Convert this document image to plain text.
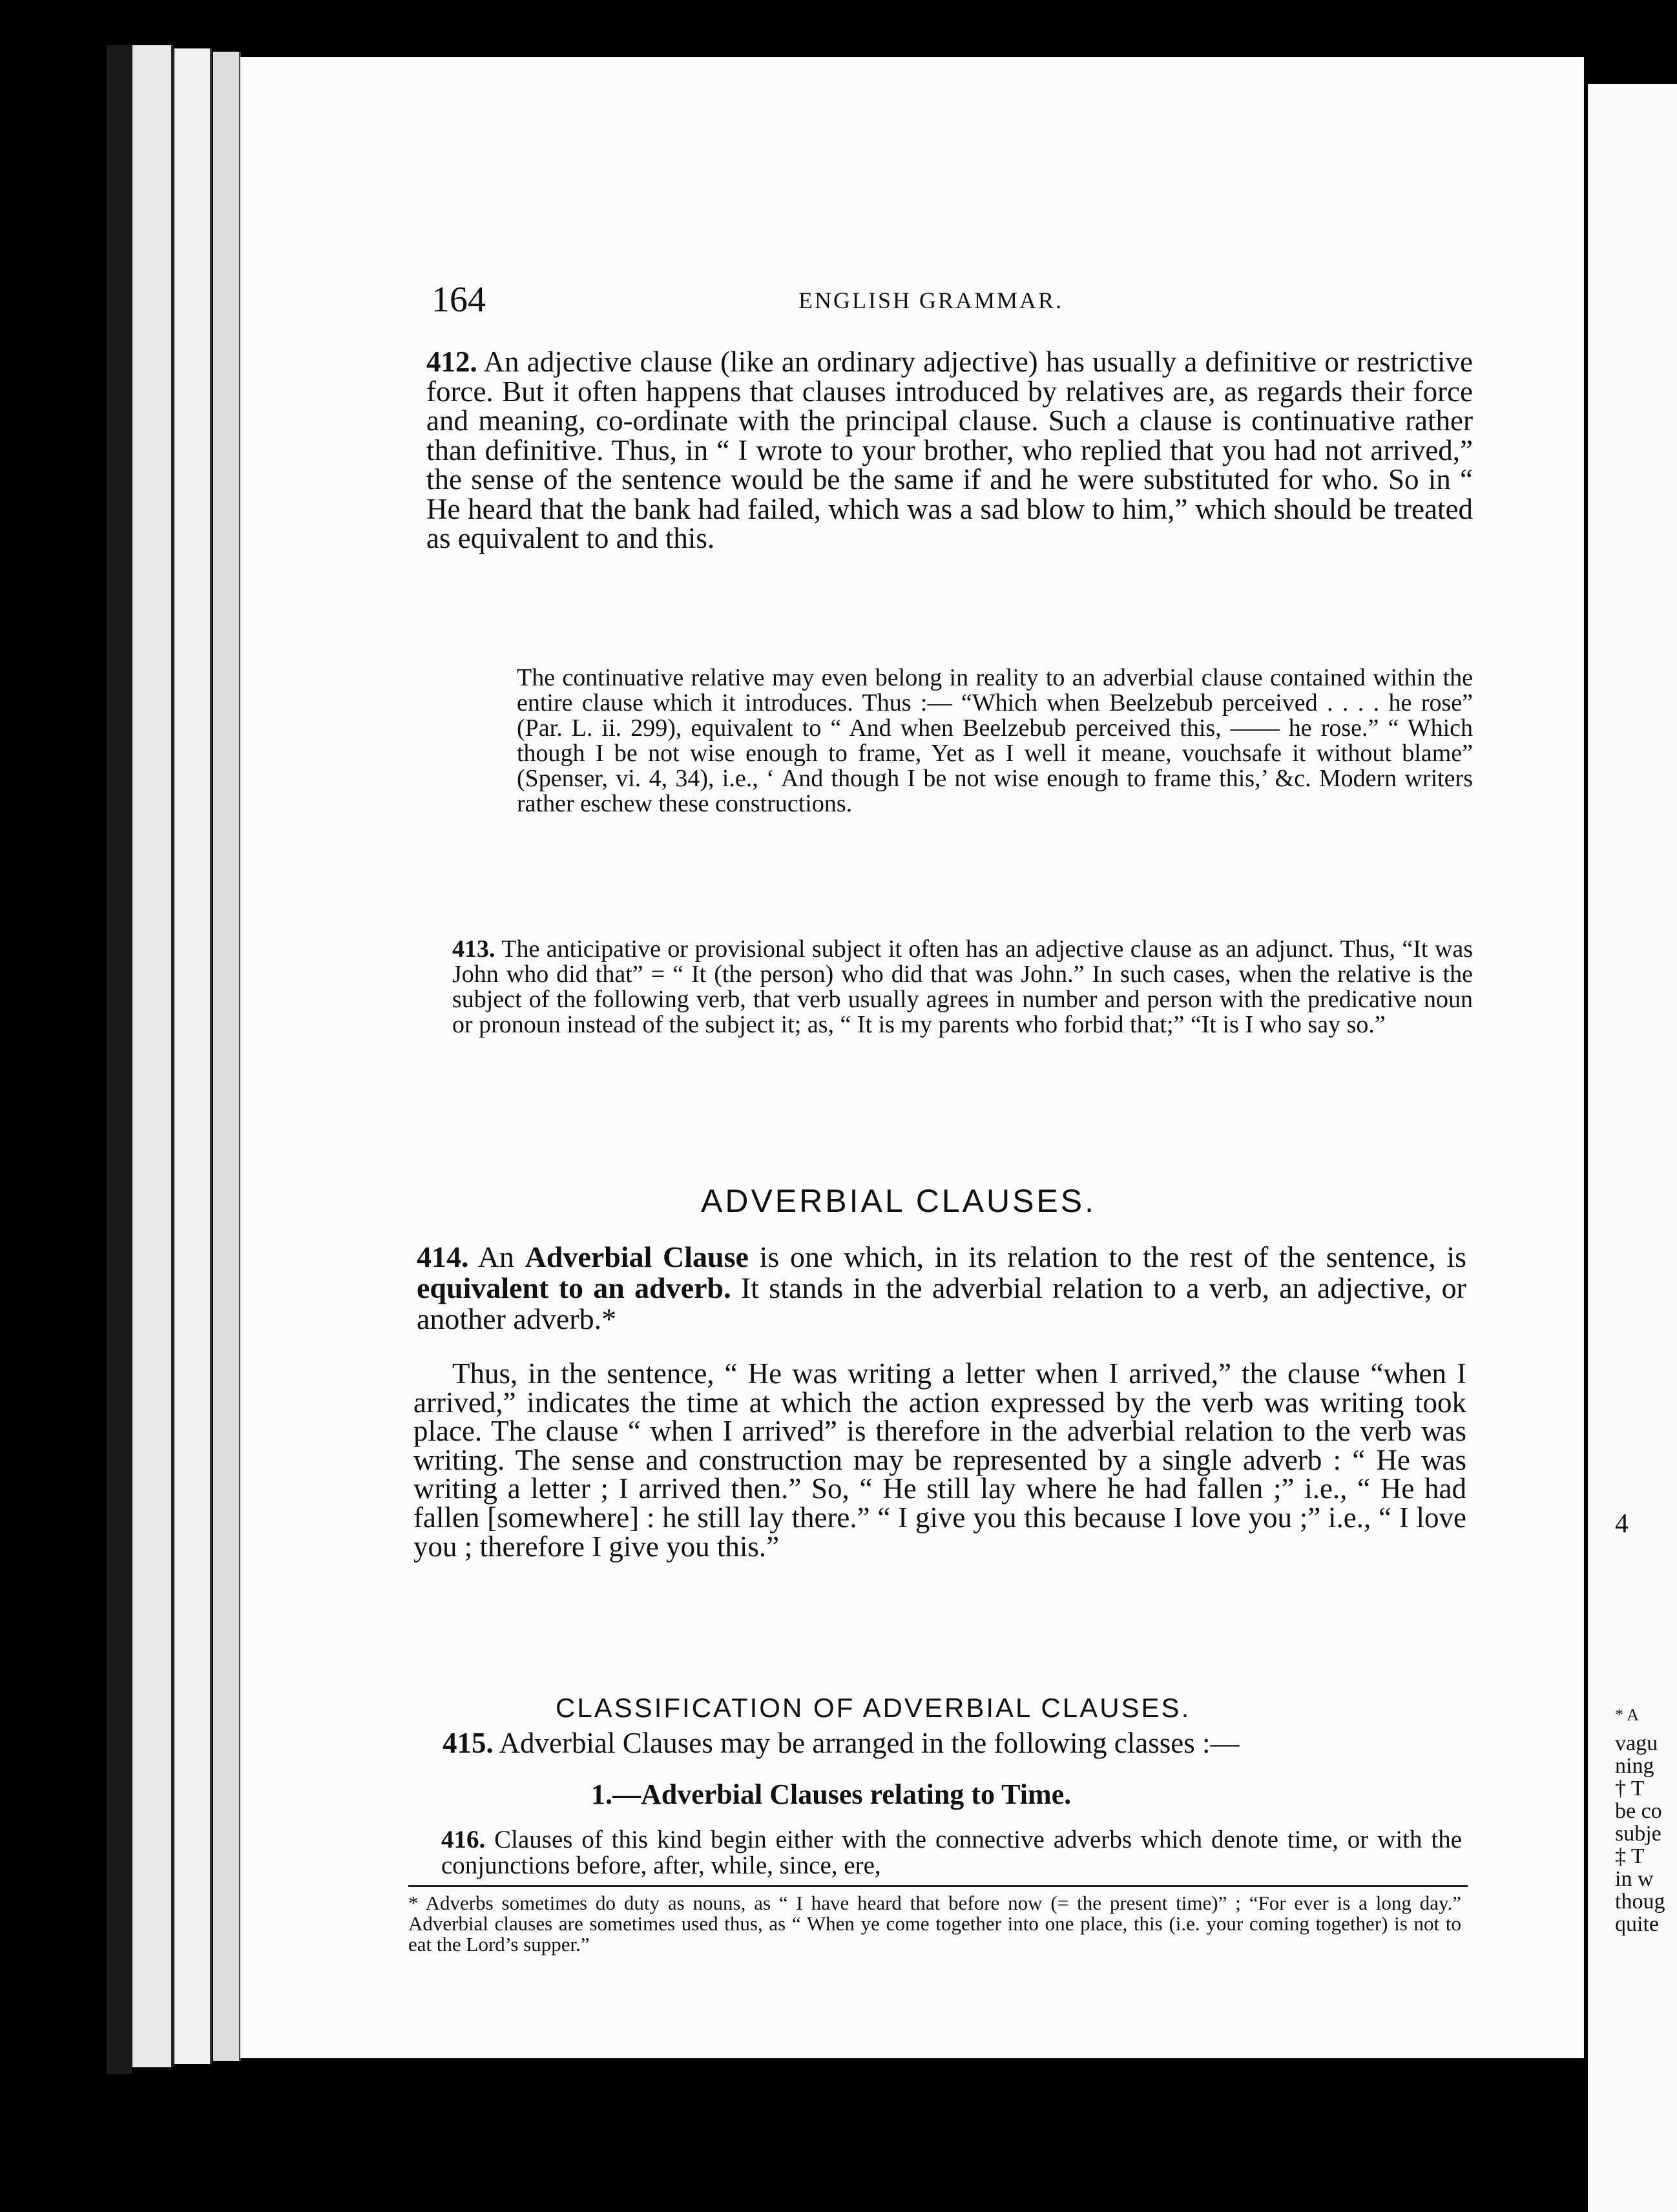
4
* A
vagu
ning
† T
be co
subje
‡ T
in w
thoug
quite
164	ENGLISH GRAMMAR.
412. An adjective clause (like an ordinary adjective) has usually a definitive or restrictive force. But it often happens that clauses introduced by relatives are, as regards their force and meaning, co-ordinate with the principal clause. Such a clause is continuative rather than definitive. Thus, in “ I wrote to your brother, who replied that you had not arrived,” the sense of the sentence would be the same if and he were substituted for who. So in “ He heard that the bank had failed, which was a sad blow to him,” which should be treated as equivalent to and this.
The continuative relative may even belong in reality to an adverbial clause contained within the entire clause which it introduces. Thus :— “Which when Beelzebub perceived . . . . he rose” (Par. L. ii. 299), equivalent to “ And when Beelzebub perceived this, —— he rose.” “ Which though I be not wise enough to frame, Yet as I well it meane, vouchsafe it without blame” (Spenser, vi. 4, 34), i.e., ‘ And though I be not wise enough to frame this,’ &c. Modern writers rather eschew these constructions.
413. The anticipative or provisional subject it often has an adjective clause as an adjunct. Thus, “It was John who did that” = “ It (the person) who did that was John.” In such cases, when the relative is the subject of the following verb, that verb usually agrees in number and person with the predicative noun or pronoun instead of the subject it; as, “ It is my parents who forbid that;” “It is I who say so.”
ADVERBIAL CLAUSES.
414. An Adverbial Clause is one which, in its relation to the rest of the sentence, is equivalent to an adverb. It stands in the adverbial relation to a verb, an adjective, or another adverb.*
Thus, in the sentence, “ He was writing a letter when I arrived,” the clause “when I arrived,” indicates the time at which the action expressed by the verb was writing took place. The clause “ when I arrived” is therefore in the adverbial relation to the verb was writing. The sense and construction may be represented by a single adverb : “ He was writing a letter ; I arrived then.” So, “ He still lay where he had fallen ;” i.e., “ He had fallen [somewhere] : he still lay there.” “ I give you this because I love you ;” i.e., “ I love you ; therefore I give you this.”
CLASSIFICATION OF ADVERBIAL CLAUSES.
415. Adverbial Clauses may be arranged in the following classes :—
1.—Adverbial Clauses relating to Time.
416. Clauses of this kind begin either with the connective adverbs which denote time, or with the conjunctions before, after, while, since, ere,
* Adverbs sometimes do duty as nouns, as “ I have heard that before now (= the present time)” ; “For ever is a long day.” Adverbial clauses are sometimes used thus, as “ When ye come together into one place, this (i.e. your coming together) is not to eat the Lord’s supper.”
